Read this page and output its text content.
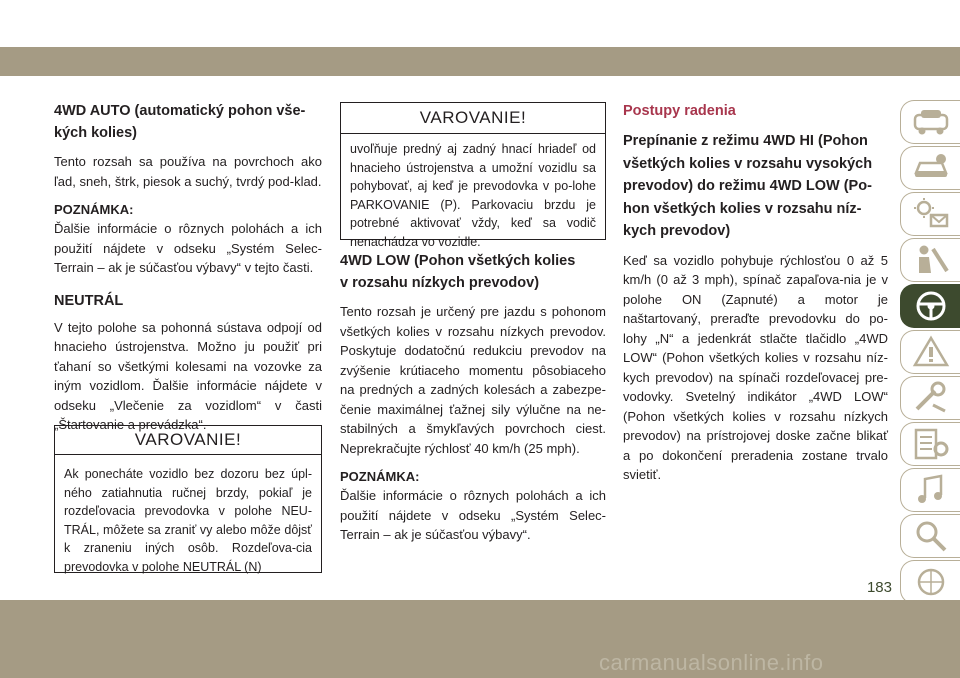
4WD AUTO (automatický pohon vše-
kých kolies)
Tento rozsah sa používa na povrchoch ako ľad, sneh, štrk, piesok a suchý, tvrdý pod-klad.
POZNÁMKA:
Ďalšie informácie o rôznych polohách a ich použití nájdete v odseku „Systém Selec-Terrain – ak je súčasťou výbavy“ v tejto časti.
NEUTRÁL
V tejto polohe sa pohonná sústava odpojí od hnacieho ústrojenstva. Možno ju použiť pri ťahaní so všetkými kolesami na vozovke za iným vozidlom. Ďalšie informácie nájdete v odseku „Vlečenie za vozidlom“ v časti „Štartovanie a prevádzka“.
VAROVANIE!
Ak ponecháte vozidlo bez dozoru bez úpl-ného zatiahnutia ručnej brzdy, pokiaľ je rozdeľovacia prevodovka v polohe NEU-TRÁL, môžete sa zraniť vy alebo môže dôjsť k zraneniu iných osôb. Rozdeľova-cia prevodovka v polohe NEUTRÁL (N)
VAROVANIE!
uvoľňuje predný aj zadný hnací hriadeľ od hnacieho ústrojenstva a umožní vozidlu sa pohybovať, aj keď je prevodovka v po-lohe PARKOVANIE (P). Parkovaciu brzdu je potrebné aktivovať vždy, keď sa vodič nenachádza vo vozidle.
4WD LOW (Pohon všetkých kolies
v rozsahu nízkych prevodov)
Tento rozsah je určený pre jazdu s pohonom všetkých kolies v rozsahu nízkych prevodov. Poskytuje dodatočnú redukciu prevodov na zvýšenie krútiaceho momentu pôsobiaceho na predných a zadných kolesách a zabezpe-čenie maximálnej ťažnej sily výlučne na ne-stabilných a šmykľavých povrchoch ciest. Neprekračujte rýchlosť 40 km/h (25 mph).
POZNÁMKA:
Ďalšie informácie o rôznych polohách a ich použití nájdete v odseku „Systém Selec-Terrain – ak je súčasťou výbavy“.
Postupy radenia
Prepínanie z režimu 4WD HI (Pohon
všetkých kolies v rozsahu vysokých
prevodov) do režimu 4WD LOW (Po-
hon všetkých kolies v rozsahu níz-
kych prevodov)
Keď sa vozidlo pohybuje rýchlosťou 0 až 5 km/h (0 až 3 mph), spínač zapaľova-nia je v polohe ON (Zapnuté) a motor je naštartovaný, preraďte prevodovku do po-lohy „N“ a jedenkrát stlačte tlačidlo „4WD LOW“ (Pohon všetkých kolies v rozsahu níz-kych prevodov) na spínači rozdeľovacej pre-vodovky. Svetelný indikátor „4WD LOW“ (Pohon všetkých kolies v rozsahu nízkych prevodov) na prístrojovej doske začne blikať a po dokončení preradenia zostane trvalo svietiť.
183
carmanualsonline.info
